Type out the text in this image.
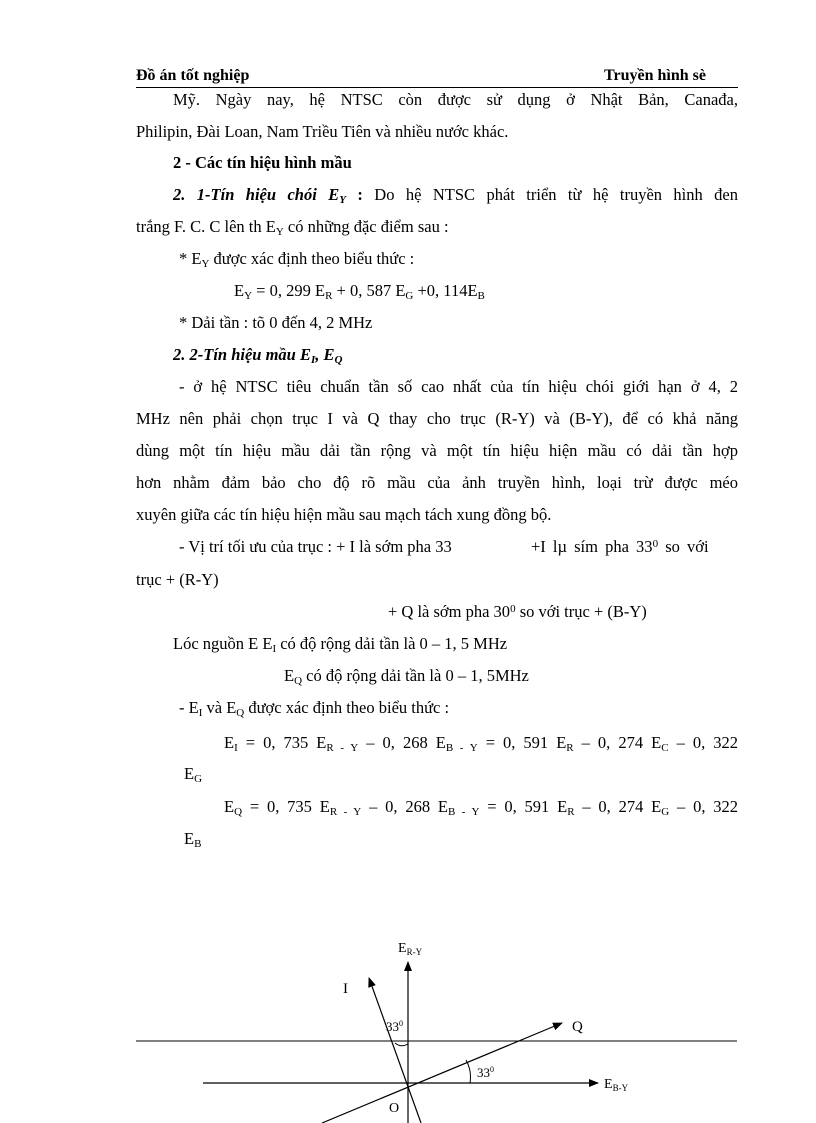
Đồ án tốt nghiệp	Truyền hình sè
Mỹ. Ngày nay, hệ NTSC còn được sử dụng ở Nhật Bản, Canađa,
Philipin, Đài Loan, Nam Triều Tiên và nhiều nước khác.
2 - Các tín hiệu hình mầu
2. 1-Tín hiệu chói $E_Y$ : Do hệ NTSC phát triển từ hệ truyền hình đen
trắng F. C. C lên th $E_Y$ có những đặc điểm sau :
* $E_Y$ được xác định theo biểu thức :
$E_Y = 0$, 299 $E_R + 0$, 587 $E_G +0$, $114E_B$
* Dải tần : tõ 0 đến 4, 2 MHz
2. 2-Tín hiệu mầu $E_I$, $E_Q$
- ở hệ NTSC tiêu chuẩn tần số cao nhất của tín hiệu chói giới hạn ở 4, 2
MHz nên phải chọn trục I và Q thay cho trục (R-Y) và (B-Y), để có khả năng
dùng một tín hiệu mầu dải tần rộng và một tín hiệu hiện mầu có dải tần hợp
hơn nhằm đảm bảo cho độ rõ mầu của ảnh truyền hình, loại trừ được méo
xuyên giữa các tín hiệu hiện mầu sau mạch tách xung đồng bộ.
- Vị trí tối ưu của trục : + I là sớm pha 33	+I lµ sím pha $33^0$ so với
trục + (R-Y)
+ Q là sớm pha $30^0$ so với trục + (B-Y)
Lóc nguồn E $E_I$ có độ rộng dải tần là 0 – 1, 5 MHz
$E_Q$ có độ rộng dải tần là 0 – 1, 5MHz
- $E_I$ và $E_Q$ được xác định theo biểu thức :
$E_I = 0$, 735 $E_{R - Y} - 0$, 268 $E_{B - Y} = 0$, 591 $E_R - 0$, 274 $E_C - 0$, 322
$E_G$
$E_Q = 0$, 735 $E_{R - Y} - 0$, 268 $E_{B - Y} = 0$, 591 $E_R - 0$, 274 $E_G - 0$, 322
$E_B$
$E_{R-Y}$
$E_{B-Y}$
I
Q
O
$33^0$
$33^0$
